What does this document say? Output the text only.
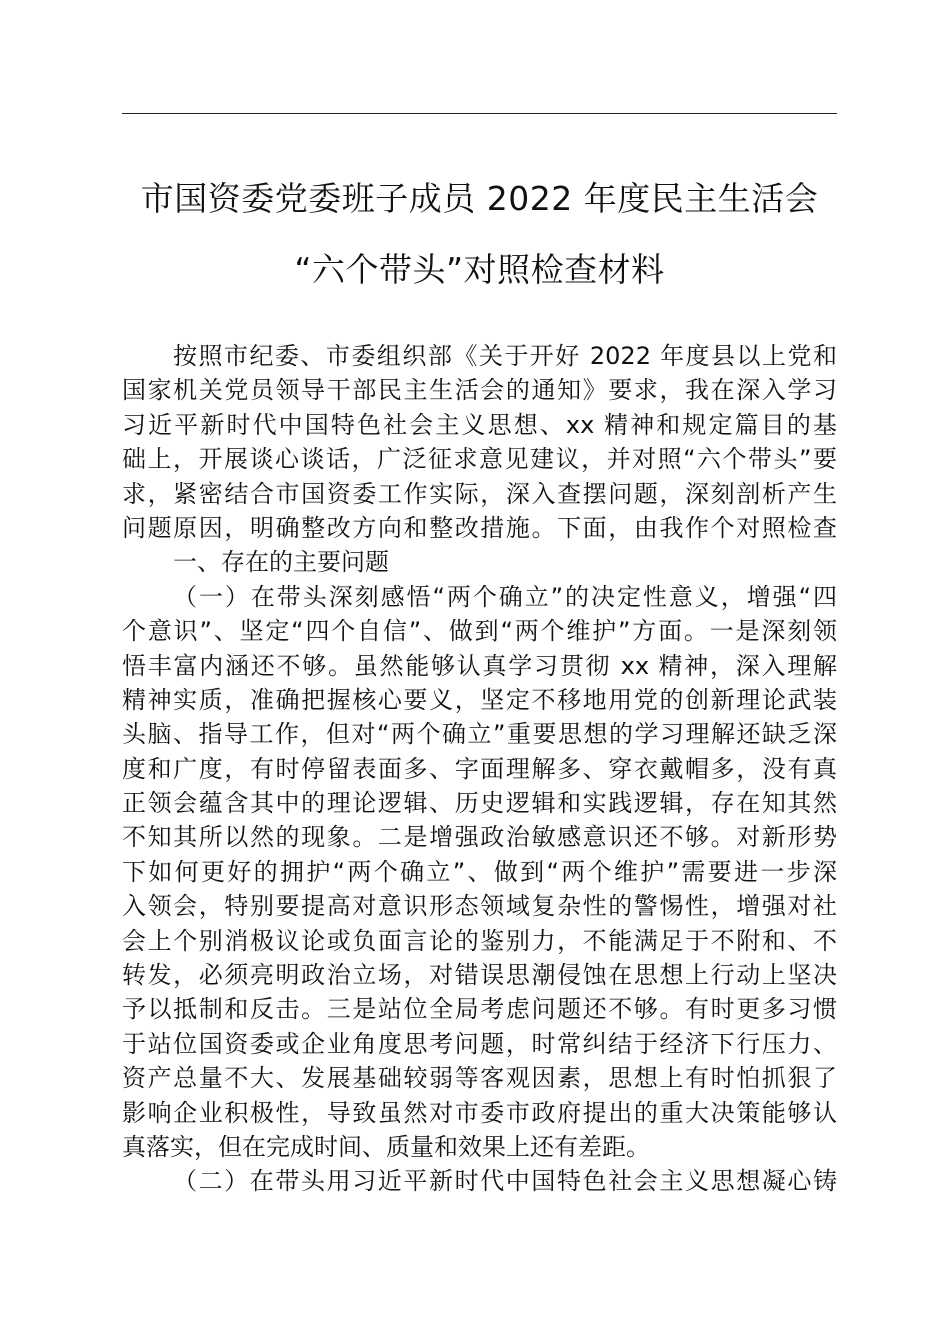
市国资委党委班子成员 2022 年度民主生活会
“六个带头”对照检查材料
按照市纪委、市委组织部《关于开好 2022 年度县以上党和
国家机关党员领导干部民主生活会的通知》要求，我在深入学习
习近平新时代中国特色社会主义思想、xx 精神和规定篇目的基
础上，开展谈心谈话，广泛征求意见建议，并对照“六个带头”要
求，紧密结合市国资委工作实际，深入查摆问题，深刻剖析产生
问题原因，明确整改方向和整改措施。下面，由我作个对照检查
一、存在的主要问题
（一）在带头深刻感悟“两个确立”的决定性意义，增强“四
个意识”、坚定“四个自信”、做到“两个维护”方面。一是深刻领
悟丰富内涵还不够。虽然能够认真学习贯彻 xx 精神，深入理解
精神实质，准确把握核心要义，坚定不移地用党的创新理论武装
头脑、指导工作，但对“两个确立”重要思想的学习理解还缺乏深
度和广度，有时停留表面多、字面理解多、穿衣戴帽多，没有真
正领会蕴含其中的理论逻辑、历史逻辑和实践逻辑，存在知其然
不知其所以然的现象。二是增强政治敏感意识还不够。对新形势
下如何更好的拥护“两个确立”、做到“两个维护”需要进一步深
入领会，特别要提高对意识形态领域复杂性的警惕性，增强对社
会上个别消极议论或负面言论的鉴别力，不能满足于不附和、不
转发，必须亮明政治立场，对错误思潮侵蚀在思想上行动上坚决
予以抵制和反击。三是站位全局考虑问题还不够。有时更多习惯
于站位国资委或企业角度思考问题，时常纠结于经济下行压力、
资产总量不大、发展基础较弱等客观因素，思想上有时怕抓狠了
影响企业积极性，导致虽然对市委市政府提出的重大决策能够认
真落实，但在完成时间、质量和效果上还有差距。
（二）在带头用习近平新时代中国特色社会主义思想凝心铸
